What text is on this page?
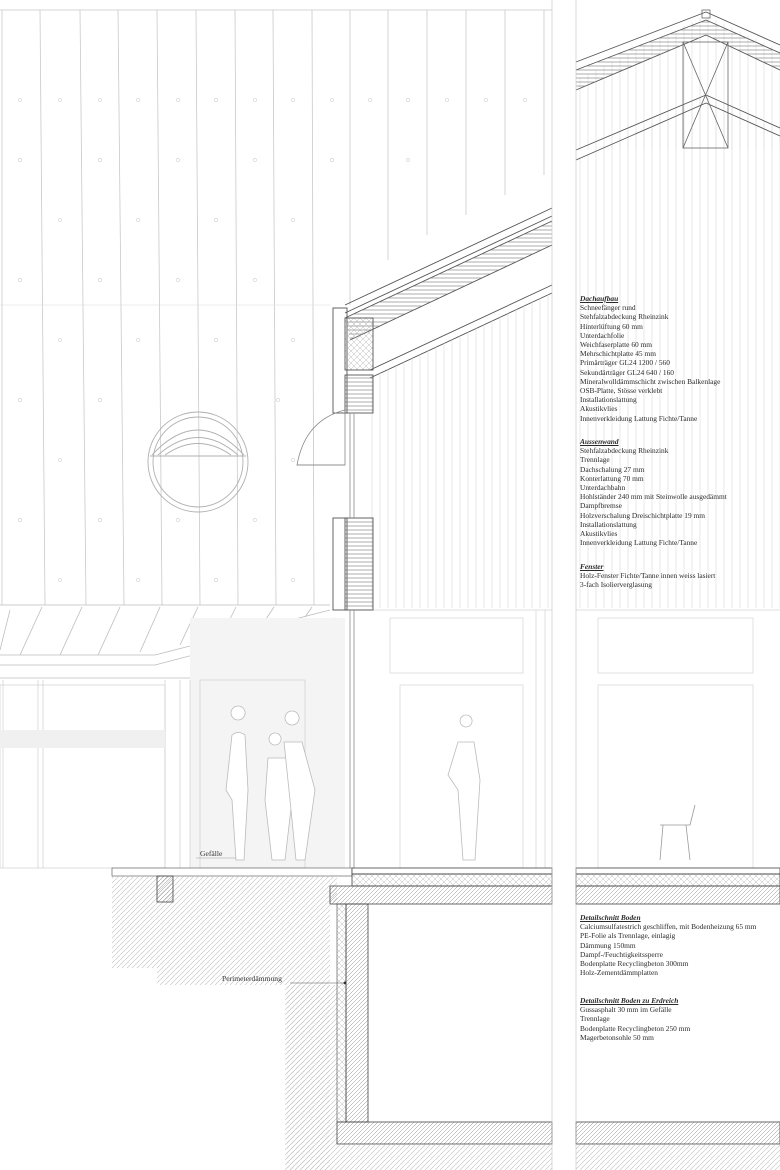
Gefälle
Perimeterdämmung
Dachaufbau
Schneefänger rund
Stehfalzabdeckung Rheinzink
Hinterlüftung 60 mm
Unterdachfolie
Weichfaserplatte 60 mm
Mehrschichtplatte 45 mm
Primärträger GL24 1200 / 560
Sekundärträger GL24 640 / 160
Mineralwolldämmschicht zwischen Balkenlage
OSB-Platte, Stösse verklebt
Installationslattung
Akustikvlies
Innenverkleidung Lattung Fichte/Tanne
Aussenwand
Stehfalzabdeckung Rheinzink
Trennlage
Dachschalung 27 mm
Konterlattung 70 mm
Unterdachbahn
Hohlständer 240 mm mit Steinwolle ausgedämmt
Dampfbremse
Holzverschalung Dreischichtplatte 19 mm
Installationslattung
Akustikvlies
Innenverkleidung Lattung Fichte/Tanne
Fenster
Holz-Fenster Fichte/Tanne innen weiss lasiert
3-fach Isolierverglasung
Detailschnitt Boden
Calciumsulfatestrich geschliffen, mit Bodenheizung 65 mm
PE-Folie als Trennlage, einlagig
Dämmung 150mm
Dampf-/Feuchtigkeitssperre
Bodenplatte Recyclingbeton 300mm
Holz-Zementdämmplatten
Detailschnitt Boden zu Erdreich
Gussasphalt 30 mm im Gefälle
Trennlage
Bodenplatte Recyclingbeton 250 mm
Magerbetonsohle 50 mm
